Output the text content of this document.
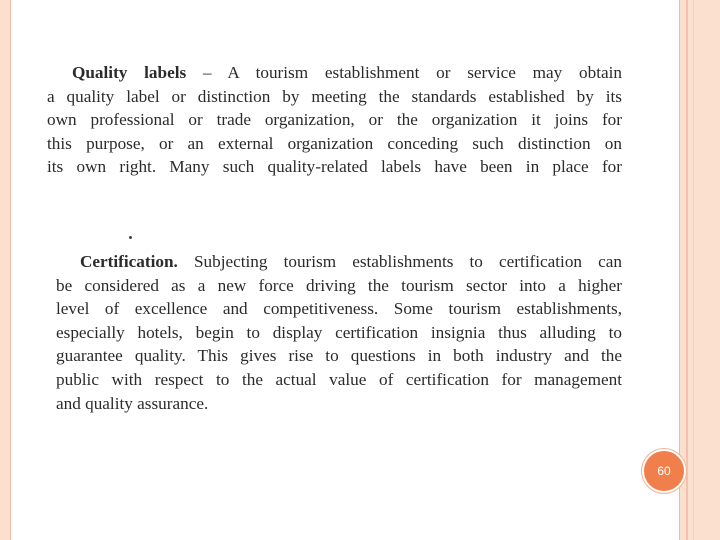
Quality labels – A tourism establishment or service may obtain
a quality label or distinction by meeting the standards established by its
own professional or trade organization, or the organization it joins for
this purpose, or an external organization conceding such distinction on
its own right. Many such quality-related labels have been in place for
Certification. Subjecting tourism establishments to certification can
be considered as a new force driving the tourism sector into a higher
level of excellence and competitiveness. Some tourism establishments,
especially hotels, begin to display certification insignia thus alluding to
guarantee quality. This gives rise to questions in both industry and the
public with respect to the actual value of certification for management
and quality assurance.
60
